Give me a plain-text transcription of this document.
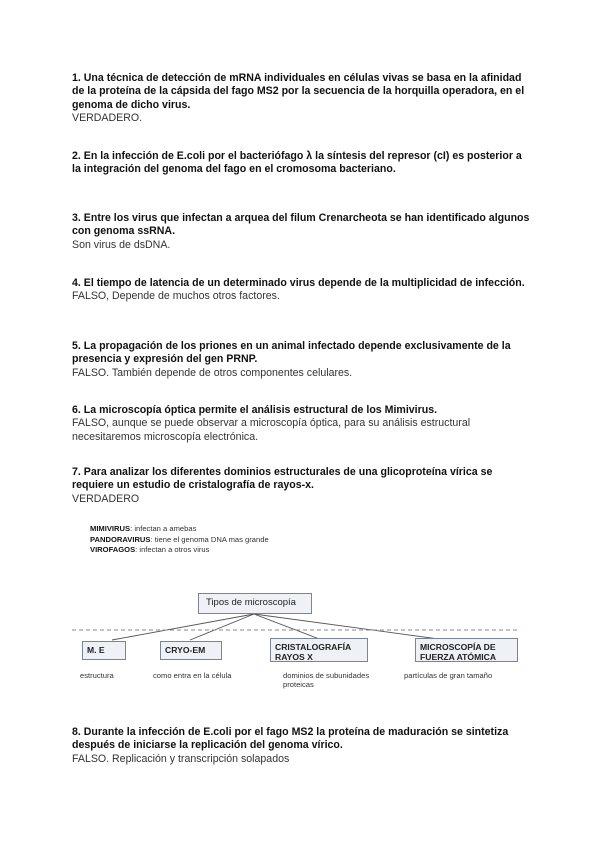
1. Una técnica de detección de mRNA individuales en células vivas se basa en la afinidad de la proteína de la cápsida del fago MS2 por la secuencia de la horquilla operadora, en el genoma de dicho virus.
VERDADERO.
2. En la infección de E.coli por el bacteriófago λ la síntesis del represor (cI) es posterior a la integración del genoma del fago en el cromosoma bacteriano.
3. Entre los virus que infectan a arquea del filum Crenarcheota se han identificado algunos con genoma ssRNA.
Son virus de dsDNA.
4. El tiempo de latencia de un determinado virus depende de la multiplicidad de infección.
FALSO, Depende de muchos otros factores.
5. La propagación de los priones en un animal infectado depende exclusivamente de la presencia y expresión del gen PRNP.
FALSO. También depende de otros componentes celulares.
6. La microscopía óptica permite el análisis estructural de los Mimivirus.
FALSO, aunque se puede observar a microscopía óptica, para su análisis estructural necesitaremos microscopía electrónica.
7. Para analizar los diferentes dominios estructurales de una glicoproteína vírica se requiere un estudio de cristalografía de rayos-x.
VERDADERO
MIMIVIRUS: infectan a amebas
PANDORAVIRUS: tiene el genoma DNA mas grande
VIROFAGOS: infectan a otros virus
Tipos de microscopía
M. E	CRYO-EM	CRISTALOGRAFÍA RAYOS X
MICROSCOPÍA DE FUERZA ATÓMICA
estructura	como entra en la célula	dominios de subunidades proteicas
partículas de gran tamaño
8. Durante la infección de E.coli por el fago MS2 la proteína de maduración se sintetiza después de iniciarse la replicación del genoma vírico.
FALSO. Replicación y transcripción solapados
